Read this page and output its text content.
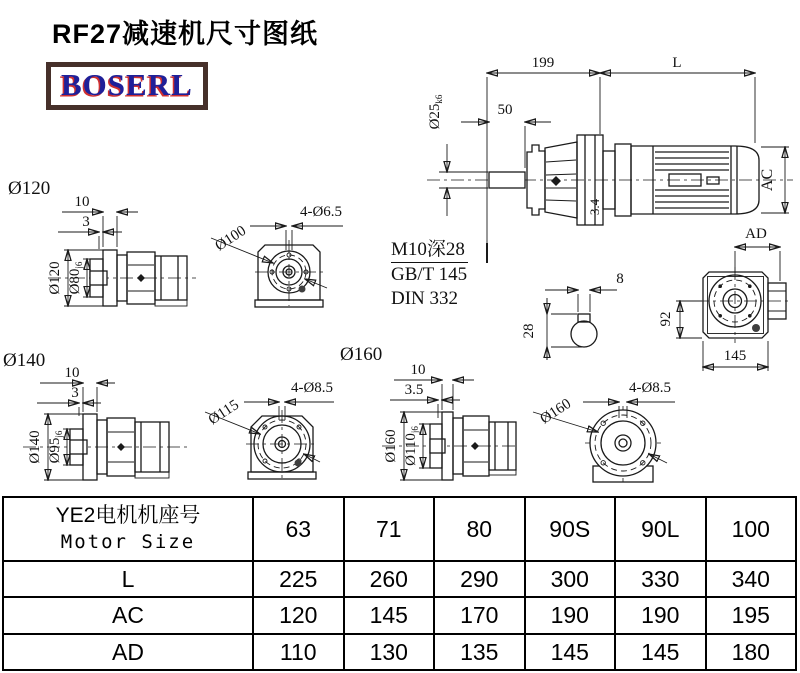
RF27减速机尺寸图纸
BOSERL
199	L
50
$Ø25_{k6}$
3.4
AC
M10深28
GB/T 145
DIN 332
8
28
AD
92
145
Ø120
10
3
Ø120 $Ø80_{j6}$
4-Ø6.5
Ø100
Ø140
10
3
Ø140 $Ø95_{j6}$
4-Ø8.5
Ø115
Ø160
10
3.5
Ø160 $Ø110_{j6}$
4-Ø8.5
Ø160
YE2电机机座号
Motor Size	63	71	80	90S	90L	100
L	225	260	290	300	330	340
AC	120	145	170	190	190	195
AD	110	130	135	145	145	180
